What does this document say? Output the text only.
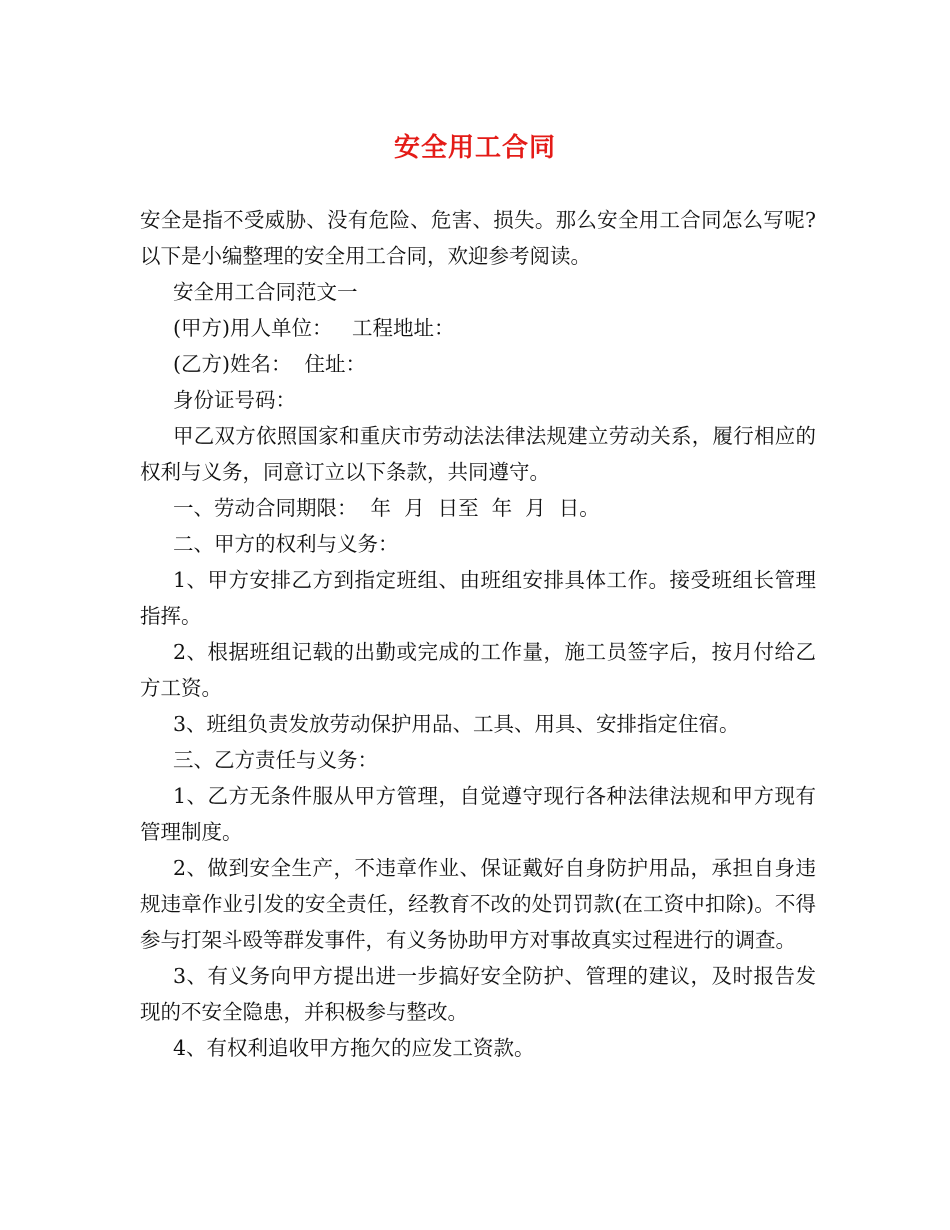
安全用工合同

安全是指不受威胁、没有危险、危害、损失。那么安全用工合同怎么写呢?以下是小编整理的安全用工合同，欢迎参考阅读。

安全用工合同范文一

(甲方)用人单位：   工程地址：

(乙方)姓名：  住址：

身份证号码：

甲乙双方依照国家和重庆市劳动法法律法规建立劳动关系，履行相应的权利与义务，同意订立以下条款，共同遵守。

一、劳动合同期限：  年  月  日至  年  月  日。

二、甲方的权利与义务：

1、甲方安排乙方到指定班组、由班组安排具体工作。接受班组长管理指挥。

2、根据班组记载的出勤或完成的工作量，施工员签字后，按月付给乙方工资。

3、班组负责发放劳动保护用品、工具、用具、安排指定住宿。

三、乙方责任与义务：

1、乙方无条件服从甲方管理，自觉遵守现行各种法律法规和甲方现有管理制度。

2、做到安全生产，不违章作业、保证戴好自身防护用品，承担自身违规违章作业引发的安全责任，经教育不改的处罚罚款(在工资中扣除)。不得参与打架斗殴等群发事件，有义务协助甲方对事故真实过程进行的调查。

3、有义务向甲方提出进一步搞好安全防护、管理的建议，及时报告发现的不安全隐患，并积极参与整改。

4、有权利追收甲方拖欠的应发工资款。
